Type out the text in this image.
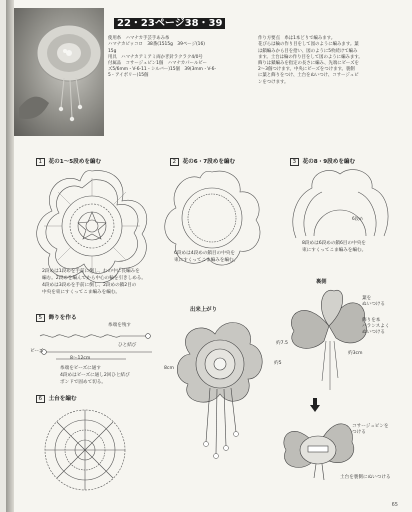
22・23ページ38・39

使用糸　ハマナカ手芸手あみ糸
ハマナカピッコロ　38番(1515g　39ページ(16)
15g
用具　ハマナカアミアミ両かぎ針ラクラク4/0号
付属品　コサージュピン1個　ハマナカパールビー
ズ5/6mm・V-6-11・シルバー)15個　39(3mm・V-6-
5・アイボリー)15個

作り方要点　糸は1本どりで編みます。
花びらは輪の作り目をして図のように編みます。葉
は鎖編みから目を拾い、図のように5枚続けて編み
ます。土台は輪の作り目をして図のように編みます。
飾りは鎖編みを指定の長さに編み、先端にビーズを
2〜3個つけます。中央にビーズをつけます。裏側
に葉と飾りをつけ、土台をぬいつけ、コサージュピ
ンをつけます。
1 花の1〜5段めを編む	2 花の6・7段めを編む	3 花の8・9段めを編む
6段め
2段めは1段めを手前に倒し、わの中に長編みを
編む。2段めを編んでから中心の輪を引きしめる。
4段めは3段めを手前に倒し、2段めの鎖2目の
中央を束にすくってこま編みを編む。
6段めは4段めの鎖目の中央を
束にすくってこま編みを編む。
8段めは6段めの鎖6目の中央を
束にすくってこま編みを編む。
5 飾りを作る
糸端を残す
ひと結び
ビーズ
8〜12cm
糸端をビーズに通す
4段めはビーズに通し2回ひと結び
ボンドで固めて切る。
6 土台を編む
出来上がり
8cm
裏側
葉を
ぬいつける
飾りを本
バランスよく
ぬいつける
約3cm
約7.5
約5
コサージュピンを
つける
土台を裏側にぬいつける
65
